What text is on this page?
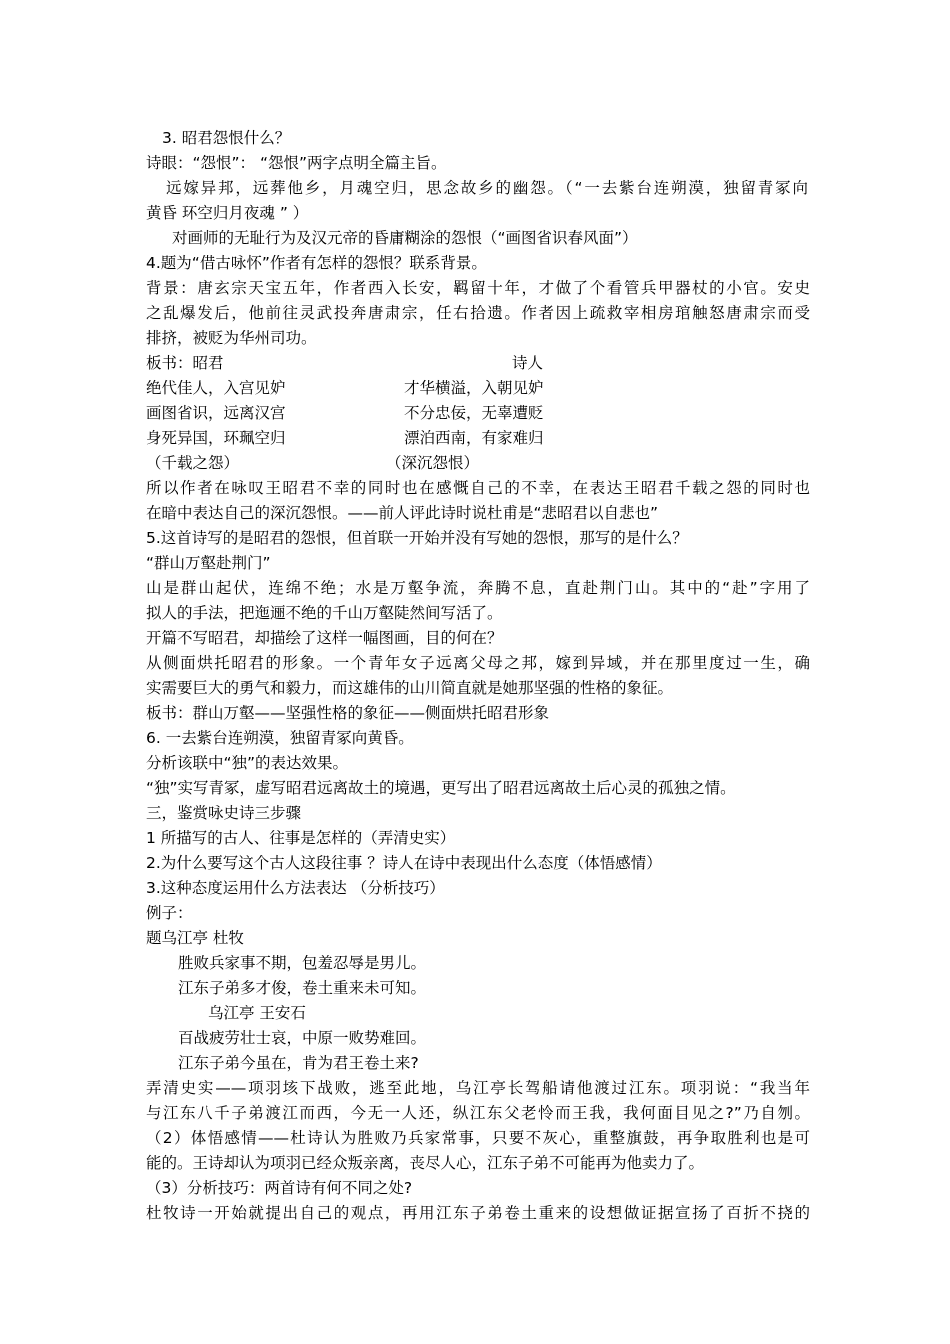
3. 昭君怨恨什么？
诗眼：“怨恨”： “怨恨”两字点明全篇主旨。
远嫁异邦，远葬他乡，月魂空归，思念故乡的幽怨。（“一去紫台连朔漠，独留青冢向
黄昏 环空归月夜魂 ” ）
对画师的无耻行为及汉元帝的昏庸糊涂的怨恨（“画图省识春风面”）
4.题为“借古咏怀”作者有怎样的怨恨？联系背景。
背景：唐玄宗天宝五年，作者西入长安，羁留十年，才做了个看管兵甲器杖的小官。安史
之乱爆发后，他前往灵武投奔唐肃宗，任右拾遗。作者因上疏救宰相房琯触怒唐肃宗而受
排挤，被贬为华州司功。
板书：昭君	诗人
绝代佳人，入宫见妒	才华横溢，入朝见妒
画图省识，远离汉宫	不分忠佞，无辜遭贬
身死异国，环珮空归	漂泊西南，有家难归
（千载之怨）	（深沉怨恨）
所以作者在咏叹王昭君不幸的同时也在感慨自己的不幸，在表达王昭君千载之怨的同时也
在暗中表达自己的深沉怨恨。——前人评此诗时说杜甫是“悲昭君以自悲也”
5.这首诗写的是昭君的怨恨，但首联一开始并没有写她的怨恨，那写的是什么？
“群山万壑赴荆门”
山是群山起伏，连绵不绝；水是万壑争流，奔腾不息，直赴荆门山。其中的“赴”字用了
拟人的手法，把迤逦不绝的千山万壑陡然间写活了。
开篇不写昭君，却描绘了这样一幅图画，目的何在？
从侧面烘托昭君的形象。一个青年女子远离父母之邦，嫁到异域，并在那里度过一生，确
实需要巨大的勇气和毅力，而这雄伟的山川简直就是她那坚强的性格的象征。
板书：群山万壑——坚强性格的象征——侧面烘托昭君形象
6. 一去紫台连朔漠，独留青冢向黄昏。
分析该联中“独”的表达效果。
“独”实写青冢，虚写昭君远离故土的境遇，更写出了昭君远离故土后心灵的孤独之情。
三，鉴赏咏史诗三步骤
1 所描写的古人、往事是怎样的（弄清史实）
2.为什么要写这个古人这段往事 ？诗人在诗中表现出什么态度（体悟感情）
3.这种态度运用什么方法表达 （分析技巧）
例子：
题乌江亭 杜牧
胜败兵家事不期，包羞忍辱是男儿。
江东子弟多才俊，卷土重来未可知。
乌江亭 王安石
百战疲劳壮士哀，中原一败势难回。
江东子弟今虽在，肯为君王卷土来?
弄清史实——项羽垓下战败，逃至此地，乌江亭长驾船请他渡过江东。项羽说：“我当年
与江东八千子弟渡江而西，今无一人还，纵江东父老怜而王我，我何面目见之?”乃自刎。
（2）体悟感情——杜诗认为胜败乃兵家常事，只要不灰心，重整旗鼓，再争取胜利也是可
能的。王诗却认为项羽已经众叛亲离，丧尽人心，江东子弟不可能再为他卖力了。
（3）分析技巧：两首诗有何不同之处?
杜牧诗一开始就提出自己的观点，再用江东子弟卷土重来的设想做证据宣扬了百折不挠的
